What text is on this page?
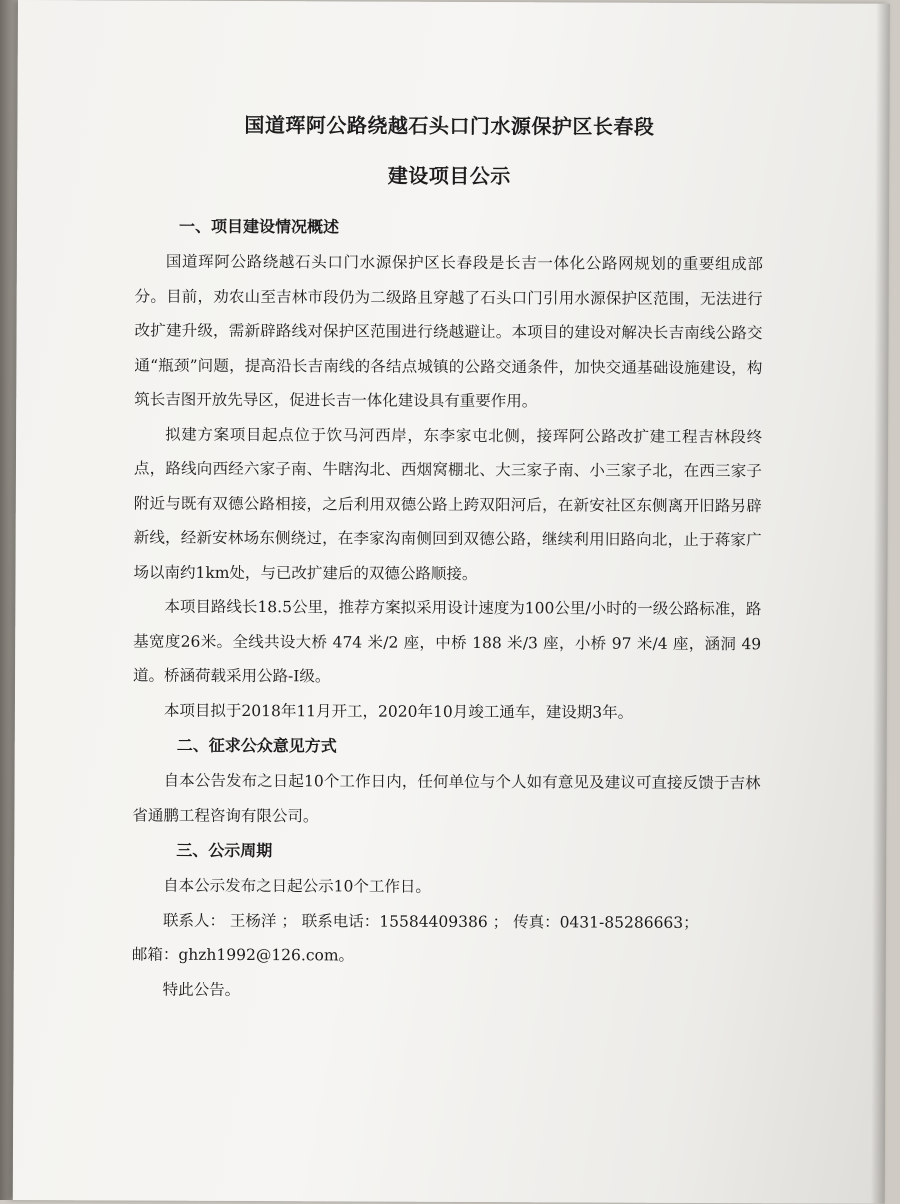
国道珲阿公路绕越石头口门水源保护区长春段

建设项目公示

一、项目建设情况概述

国道珲阿公路绕越石头口门水源保护区长春段是长吉一体化公路网规划的重要组成部分。目前，劝农山至吉林市段仍为二级路且穿越了石头口门引用水源保护区范围，无法进行改扩建升级，需新辟路线对保护区范围进行绕越避让。本项目的建设对解决长吉南线公路交通“瓶颈”问题，提高沿长吉南线的各结点城镇的公路交通条件，加快交通基础设施建设，构筑长吉图开放先导区，促进长吉一体化建设具有重要作用。

拟建方案项目起点位于饮马河西岸，东李家屯北侧，接珲阿公路改扩建工程吉林段终点，路线向西经六家子南、牛瞎沟北、西烟窝棚北、大三家子南、小三家子北，在西三家子附近与既有双德公路相接，之后利用双德公路上跨双阳河后，在新安社区东侧离开旧路另辟新线，经新安林场东侧绕过，在李家沟南侧回到双德公路，继续利用旧路向北，止于蒋家广场以南约1km处，与已改扩建后的双德公路顺接。

本项目路线长18.5公里，推荐方案拟采用设计速度为100公里/小时的一级公路标准，路基宽度26米。全线共设大桥 474 米/2 座，中桥 188 米/3 座，小桥 97 米/4 座，涵洞 49 道。桥涵荷载采用公路-Ⅰ级。

本项目拟于2018年11月开工，2020年10月竣工通车，建设期3年。

二、征求公众意见方式

自本公告发布之日起10个工作日内，任何单位与个人如有意见及建议可直接反馈于吉林省通鹏工程咨询有限公司。

三、公示周期

自本公示发布之日起公示10个工作日。

联系人： 王杨洋 ； 联系电话：15584409386 ； 传真：0431-85286663；

邮箱：ghzh1992@126.com。

特此公告。
